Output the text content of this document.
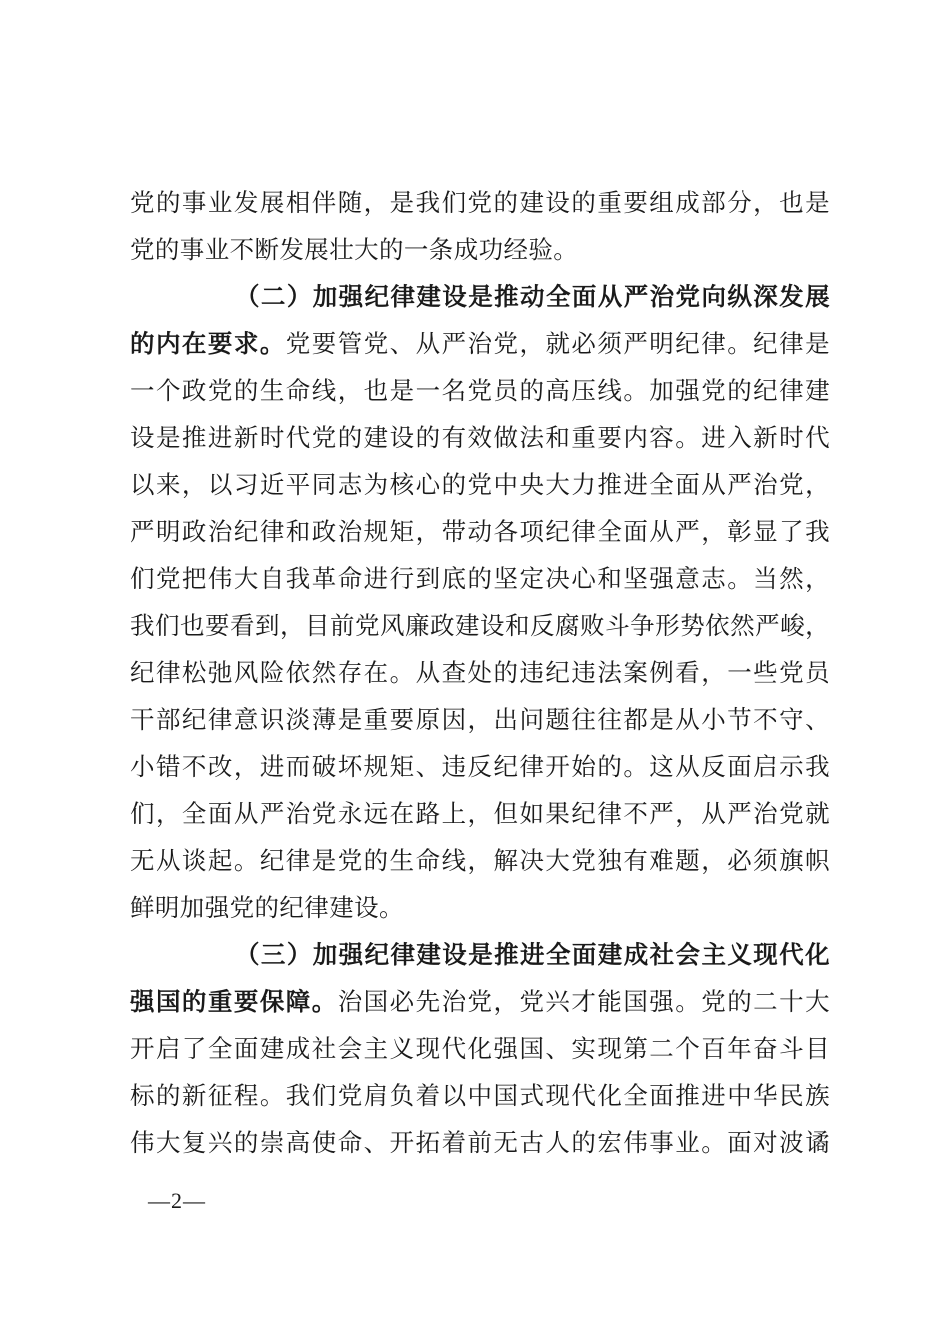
党的事业发展相伴随，是我们党的建设的重要组成部分，也是
党的事业不断发展壮大的一条成功经验。
（二）加强纪律建设是推动全面从严治党向纵深发展
的内在要求。党要管党、从严治党，就必须严明纪律。纪律是
一个政党的生命线，也是一名党员的高压线。加强党的纪律建
设是推进新时代党的建设的有效做法和重要内容。进入新时代
以来，以习近平同志为核心的党中央大力推进全面从严治党，
严明政治纪律和政治规矩，带动各项纪律全面从严，彰显了我
们党把伟大自我革命进行到底的坚定决心和坚强意志。当然，
我们也要看到，目前党风廉政建设和反腐败斗争形势依然严峻，
纪律松弛风险依然存在。从查处的违纪违法案例看，一些党员
干部纪律意识淡薄是重要原因，出问题往往都是从小节不守、
小错不改，进而破坏规矩、违反纪律开始的。这从反面启示我
们，全面从严治党永远在路上，但如果纪律不严，从严治党就
无从谈起。纪律是党的生命线，解决大党独有难题，必须旗帜
鲜明加强党的纪律建设。
（三）加强纪律建设是推进全面建成社会主义现代化
强国的重要保障。治国必先治党，党兴才能国强。党的二十大
开启了全面建成社会主义现代化强国、实现第二个百年奋斗目
标的新征程。我们党肩负着以中国式现代化全面推进中华民族
伟大复兴的崇高使命、开拓着前无古人的宏伟事业。面对波谲
—2—
